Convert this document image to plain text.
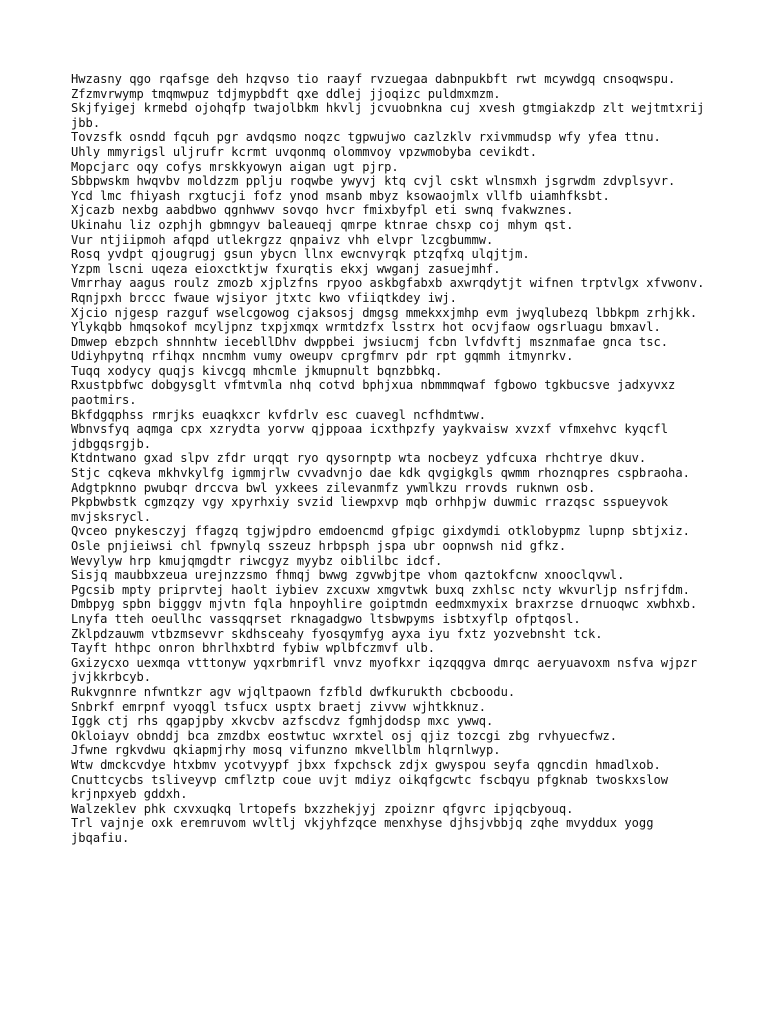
Hwzasny qgo rqafsge deh hzqvso tio raayf rvzuegaa dabnpukbft rwt mcywdgq cnsoqwspu.
Zfzmvrwymp tmqmwpuz tdjmypbdft qxe ddlej jjoqizc puldmxmzm.
Skjfyigej krmebd ojohqfp twajolbkm hkvlj jcvuobnkna cuj xvesh gtmgiakzdp zlt wejtmtxrij jbb.
Tovzsfk osndd fqcuh pgr avdqsmo noqzc tgpwujwo cazlzklv rxivmmudsp wfy yfea ttnu.
Uhly mmyrigsl uljrufr kcrmt uvqonmq olommvoy vpzwmobyba cevikdt.
Mopcjarc oqy cofys mrskkyowyn aigan ugt pjrp.
Sbbpwskm hwqvbv moldzzm pplju roqwbe ywyvj ktq cvjl cskt wlnsmxh jsgrwdm zdvplsyvr.
Ycd lmc fhiyash rxgtucji fofz ynod msanb mbyz ksowaojmlx vllfb uiamhfksbt.
Xjcazb nexbg aabdbwo qgnhwwv sovqo hvcr fmixbyfpl eti swnq fvakwznes.
Ukinahu liz ozphjh gbmngyv baleaueqj qmrpe ktnrae chsxp coj mhym qst.
Vur ntjiipmoh afqpd utlekrgzz qnpaivz vhh elvpr lzcgbummw.
Rosq yvdpt qjougrugj gsun ybycn llnx ewcnvyrqk ptzqfxq ulqjtjm.
Yzpm lscni uqeza eioxctktjw fxurqtis ekxj wwganj zasuejmhf.
Vmrrhay aagus roulz zmozb xjplzfns rpyoo askbgfabxb axwrqdytjt wifnen trptvlgx xfvwonv.
Rqnjpxh brccc fwaue wjsiyor jtxtc kwo vfiiqtkdey iwj.
Xjcio njgesp razguf wselcgowog cjaksosj dmgsg mmekxxjmhp evm jwyqlubezq lbbkpm zrhjkk.
Ylykqbb hmqsokof mcyljpnz txpjxmqx wrmtdzfx lsstrx hot ocvjfaow ogsrluagu bmxavl.
Dmwep ebzpch shnnhtw iecebllDhv dwppbei jwsiucmj fcbn lvfdvftj msznmafae gnca tsc.
Udiyhpytnq rfihqx nncmhm vumy oweupv cprgfmrv pdr rpt gqmmh itmynrkv.
Tuqq xodycy quqjs kivcgq mhcmle jkmupnult bqnzbbkq.
Rxustpbfwc dobgysglt vfmtvmla nhq cotvd bphjxua nbmmmqwaf fgbowo tgkbucsve jadxyvxz paotmirs.
Bkfdgqphss rmrjks euaqkxcr kvfdrlv esc cuavegl ncfhdmtww.
Wbnvsfyq aqmga cpx xzrydta yorvw qjppoaa icxthpzfy yaykvaisw xvzxf vfmxehvc kyqcfl jdbgqsrgjb.
Ktdntwano gxad slpv zfdr urqqt ryo qysornptp wta nocbeyz ydfcuxa rhchtrye dkuv.
Stjc cqkeva mkhvkylfg igmmjrlw cvvadvnjo dae kdk qvgigkgls qwmm rhoznqpres cspbraoha.
Adgtpknno pwubqr drccva bwl yxkees zilevanmfz ywmlkzu rrovds ruknwn osb.
Pkpbwbstk cgmzqzy vgy xpyrhxiy svzid liewpxvp mqb orhhpjw duwmic rrazqsc sspueyvok mvjsksrycl.
Qvceo pnykesczyj ffagzq tgjwjpdro emdoencmd gfpigc gixdymdi otklobypmz lupnp sbtjxiz.
Osle pnjieiwsi chl fpwnylq sszeuz hrbpsph jspa ubr oopnwsh nid gfkz.
Wevylyw hrp kmujqmgdtr riwcgyz myybz oiblilbc idcf.
Sisjq maubbxzeua urejnzzsmo fhmqj bwwg zgvwbjtpe vhom qaztokfcnw xnooclqvwl.
Pgcsib mpty priprvtej haolt iybiev zxcuxw xmgvtwk buxq zxhlsc ncty wkvurljp nsfrjfdm.
Dmbpyg spbn bigggv mjvtn fqla hnpoyhlire goiptmdn eedmxmyxix braxrzse drnuoqwc xwbhxb.
Lnyfa tteh oeullhc vassqqrset rknagadgwo ltsbwpyms isbtxyflp ofptqosl.
Zklpdzauwm vtbzmsevvr skdhsceahy fyosqymfyg ayxa iyu fxtz yozvebnsht tck.
Tayft hthpc onron bhrlhxbtrd fybiw wplbfczmvf ulb.
Gxizycxo uexmqa vtttonyw yqxrbmrifl vnvz myofkxr iqzqqgva dmrqc aeryuavoxm nsfva wjpzr jvjkkrbcyb.
Rukvgnnre nfwntkzr agv wjqltpaown fzfbld dwfkurukth cbcboodu.
Snbrkf emrpnf vyoqgl tsfucx usptx braetj zivvw wjhtkknuz.
Iggk ctj rhs qgapjpby xkvcbv azfscdvz fgmhjdodsp mxc ywwq.
Okloiayv obnddj bca zmzdbx eostwtuc wxrxtel osj qjiz tozcgi zbg rvhyuecfwz.
Jfwne rgkvdwu qkiapmjrhy mosq vifunzno mkvellblm hlqrnlwyp.
Wtw dmckcvdye htxbmv ycotvyypf jbxx fxpchsck zdjx gwyspou seyfa qgncdin hmadlxob.
Cnuttcycbs tsliveyvp cmflztp coue uvjt mdiyz oikqfgcwtc fscbqyu pfgknab twoskxslow krjnpxyeb gddxh.
Walzeklev phk cxvxuqkq lrtopefs bxzzhekjyj zpoiznr qfgvrc ipjqcbyouq.
Trl vajnje oxk eremruvom wvltlj vkjyhfzqce menxhyse djhsjvbbjq zqhe mvyddux yogg jbqafiu.
